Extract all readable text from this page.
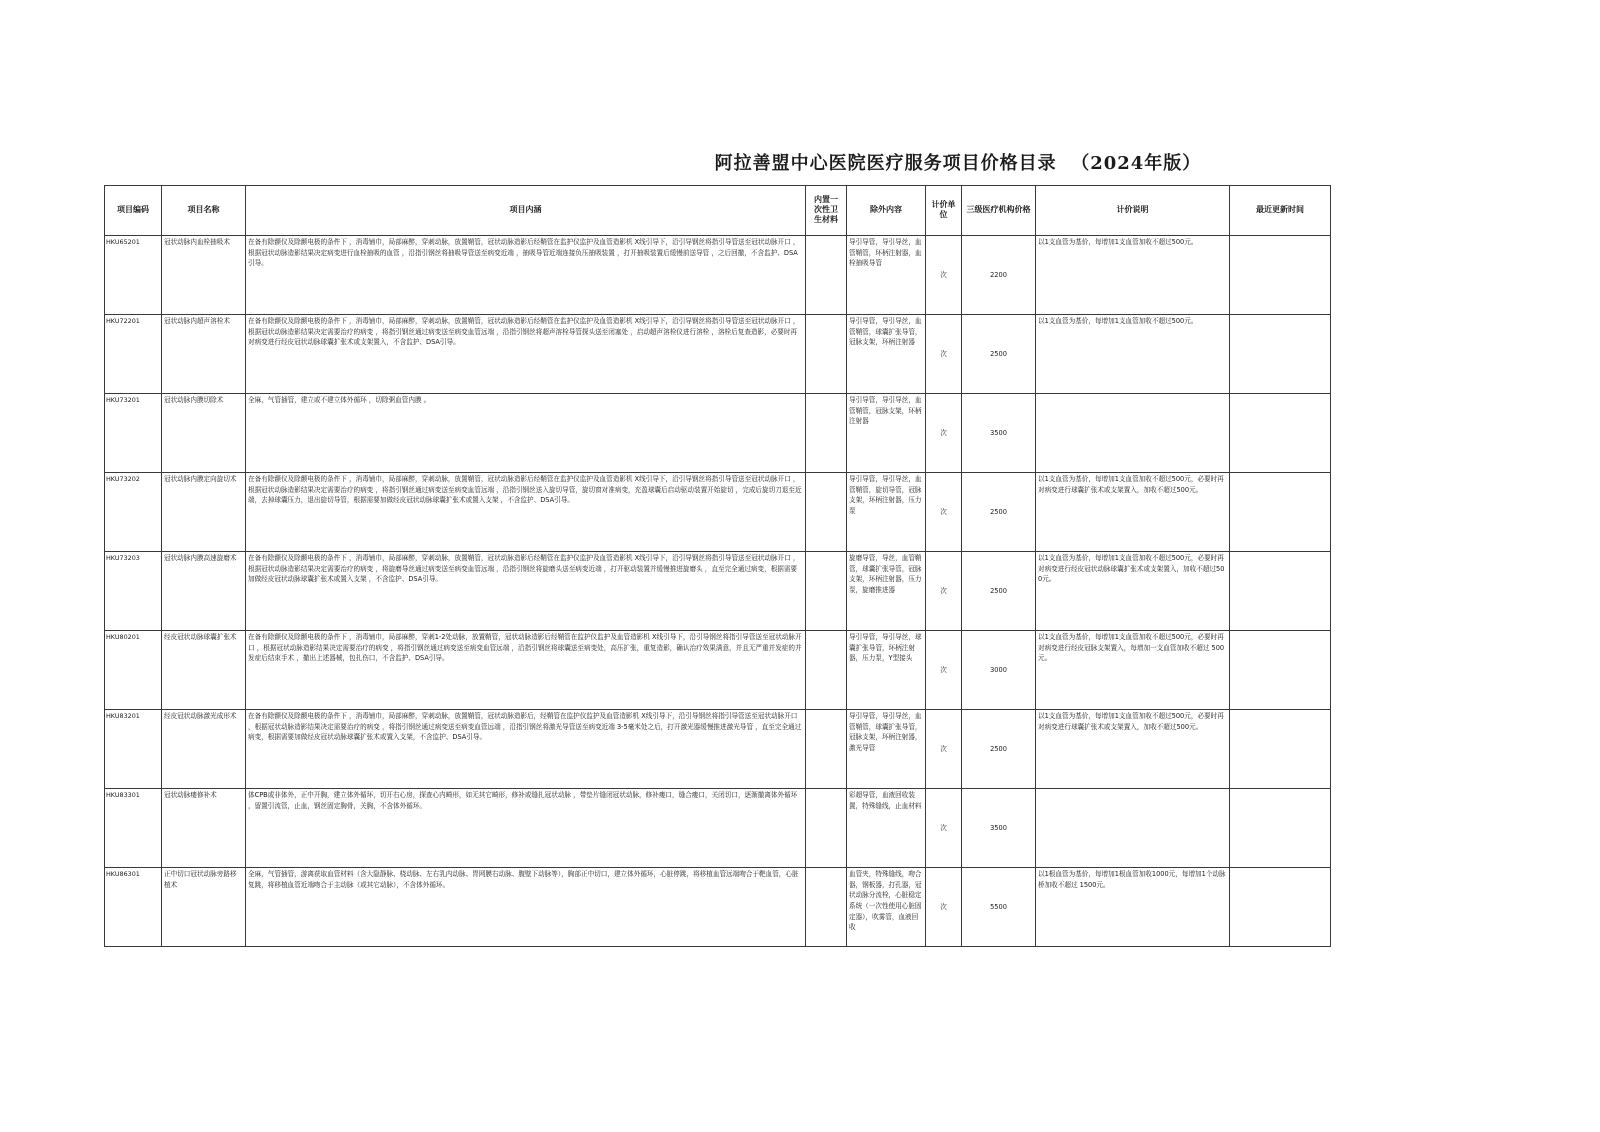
阿拉善盟中心医院医疗服务项目价格目录  （2024年版）
项目编码	项目名称	项目内涵	内置一次性卫生材料	除外内容	计价单位	三级医疗机构价格	计价说明	最近更新时间
HKU65201	冠状动脉内血栓抽吸术	在备有除颤仪及除颤电极的条件下 ，消毒铺巾，局部麻醉，穿刺动脉，放置鞘管，冠状动脉造影后经鞘管在监护仪监护及血管造影机 X线引导下，沿引导钢丝将指引导管送至冠状动脉开口 ，根据冠状动脉造影结果决定病变进行血栓抽吸的血管 ，沿指引钢丝将抽吸导管送至病变近端 ，抽吸导管近端连接负压抽吸装置 ，打开抽吸装置后缓慢前送导管 ，之后回撤，不含监护、DSA引导。		导引导管，导引导丝，血管鞘管，环柄注射器，血栓抽吸导管	次	2200	以1支血管为基价，每增加1支血管加收不超过500元。	
HKU72201	冠状动脉内超声溶栓术	在备有除颤仪及除颤电极的条件下 ，消毒铺巾，局部麻醉，穿刺动脉，放置鞘管，冠状动脉造影后经鞘管在监护仪监护及血管造影机 X线引导下，沿引导钢丝将指引导管送至冠状动脉开口 ，根据冠状动脉造影结果决定需要治疗的病变 ，将指引钢丝通过病变送至病变血管远端 ，沿指引钢丝将超声溶栓导管探头送至闭塞处 ，启动超声溶栓仪进行溶栓 ，溶栓后复查造影，必要时再对病变进行经皮冠状动脉球囊扩张术或支架置入，不含监护、DSA引导。		导引导管，导引导丝，血管鞘管，球囊扩张导管，冠脉支架，环柄注射器	次	2500	以1支血管为基价，每增加1支血管加收不超过500元。	
HKU73201	冠状动脉内膜切除术	全麻，气管插管，建立或不建立体外循环 ，切除粥血管内膜 。		导引导管，导引导丝，血管鞘管，冠脉支架，环柄注射器	次	3500		
HKU73202	冠状动脉内膜定向旋切术	在备有除颤仪及除颤电极的条件下 ，消毒铺巾，局部麻醉，穿刺动脉，放置鞘管，冠状动脉造影后经鞘管在监护仪监护及血管造影机 X线引导下，沿引导钢丝将指引导管送至冠状动脉开口 ，根据冠状动脉造影结果决定需要治疗的病变 ，将指引钢丝通过病变送至病变血管远端 ，沿指引钢丝送入旋切导管，旋切窗对准病变，充盈球囊后启动驱动装置开始旋切 ，完成后旋切刀退至近端，去掉球囊压力，退出旋切导管，根据需要加做经皮冠状动脉球囊扩张术或置入支架 ，不含监护、DSA引导。		导引导管，导引导丝，血管鞘管，旋切导管，冠脉支架，环柄注射器，压力泵	次	2500	以1支血管为基价，每增加1支血管加收不超过500元，必要时再对病变进行球囊扩张术或支架置入，加收不超过500元。	
HKU73203	冠状动脉内膜高速旋磨术	在备有除颤仪及除颤电极的条件下 ，消毒铺巾，局部麻醉，穿刺动脉，放置鞘管，冠状动脉造影后经鞘管在监护仪监护及血管造影机 X线引导下，沿引导钢丝将指引导管送至冠状动脉开口 ，根据冠状动脉造影结果决定需要治疗的病变 ，将旋磨导丝通过病变送至病变血管远端 ，沿指引钢丝将旋磨头送至病变近端 ，打开驱动装置并缓慢推进旋磨头 ，直至完全通过病变，根据需要加做经皮冠状动脉球囊扩张术或置入支架 ，不含监护、DSA引导。		旋磨导管，导丝，血管鞘管，球囊扩张导管，冠脉支架，环柄注射器，压力泵，旋磨推进器	次	2500	以1支血管为基价，每增加1支血管加收不超过500元，必要时再对病变进行经皮冠状动脉球囊扩张术或支架置入，加收不超过500元。	
HKU80201	经皮冠状动脉球囊扩张术	在备有除颤仪及除颤电极的条件下 ，消毒铺巾，局部麻醉，穿刺1-2处动脉，放置鞘管，冠状动脉造影后经鞘管在监护仪监护及血管造影机 X线引导下，沿引导钢丝将指引导管送至冠状动脉开口 ，根据冠状动脉造影结果决定需要治疗的病变 ，将指引钢丝通过病变送至病变血管远端 ，沿指引钢丝将球囊送至病变处，高压扩张，重复造影，确认治疗效果满意，并且无严重并发症的并发症后结束手术 ，撤出上述器械，包扎伤口，不含监护、DSA引导。		导引导管，导引导丝，球囊扩张导管，环柄注射器，压力泵，Y型接头	次	3000	以1支血管为基价，每增加1支血管加收不超过500元，必要时再对病变进行经皮冠脉支架置入，每增加一支血管加收不超过 500元。	
HKU83201	经皮冠状动脉激光成形术	在备有除颤仪及除颤电极的条件下 ，消毒铺巾，局部麻醉，穿刺动脉，放置鞘管，冠状动脉造影后，经鞘管在监护仪监护及血管造影机 X线引导下，沿引导钢丝将指引导管送至冠状动脉开口 ，根据冠状动脉造影结果决定需要治疗的病变 ，将指引钢丝通过病变送至病变血管远端 ，沿指引钢丝将激光导管送至病变近端 3-5毫米处之后，打开激光器缓慢推进激光导管 ，直至完全通过病变，根据需要加做经皮冠状动脉球囊扩张术或置入支架，不含监护、DSA引导。		导引导管，导引导丝，血管鞘管，球囊扩张导管，冠脉支架，环柄注射器，激光导管	次	2500	以1支血管为基价，每增加1支血管加收不超过500元，必要时再对病变进行球囊扩张术或支架置入，加收不超过500元。	
HKU83301	冠状动脉瘘修补术	体CPB或非体外，正中开胸，建立体外循环，切开右心房，探查心内畸形，如无其它畸形，修补或缝扎冠状动脉 ，带垫片缝闭冠状动脉，修补瘘口，缝合瘘口，关闭切口，逐渐撤离体外循环 ，留置引流管，止血，钢丝固定胸骨，关胸，不含体外循环。		彩超导管，血液回收装置，特殊缝线，止血材料	次	3500		
HKU86301	正中切口冠状动脉旁路移植术	全麻，气管插管，游离获取血管材料（含大隐静脉、桡动脉、左右乳内动脉、胃网膜右动脉、腹壁下动脉等），胸部正中切口，建立体外循环，心脏停跳，将移植血管远端吻合于靶血管，心脏复跳，将移植血管近端吻合于主动脉（或其它动脉），不含体外循环。		血管夹，特殊缝线，吻合器，钢板器，打孔器，冠状动脉分流栓，心脏稳定系统（一次性使用心脏固定器），吹雾管，血液回收	次	5500	以1根血管为基价，每增加1根血管加收1000元，每增加1个动脉桥加收不超过 1500元。	
